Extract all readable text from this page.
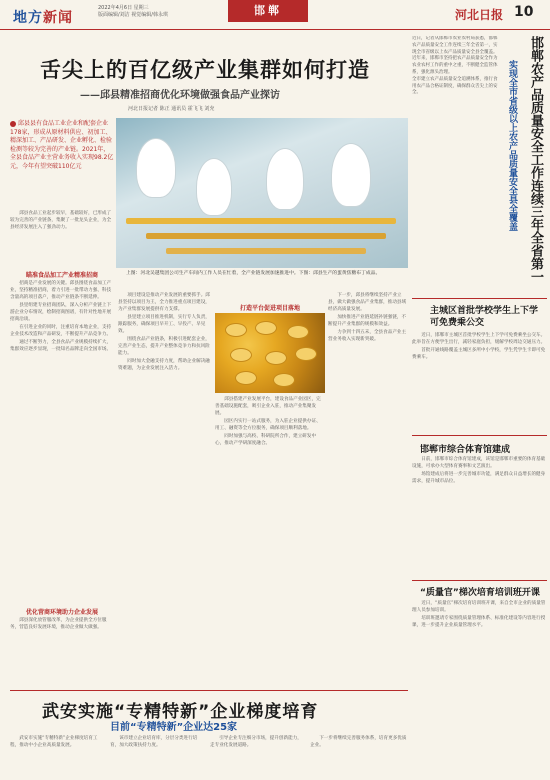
地方新闻
2022年4月6日 星期三
版面编辑/刘洁 视觉编辑/韩永琪	邯郸	河北日报 10
舌尖上的百亿级产业集群如何打造
——邱县精准招商优化环境做强食品产业探访
河北日报记者 陈正 通讯员 霍飞飞 刘充
邱县县有食品工业企业和配套企业178家，形成从原材料供应、初加工、精深加工、产品研发、企业孵化、检验检测等较为完善的产业链。2021年，全县食品产业主营业务收入实现98.2亿元，今年有望突破110亿元
上图：河北吴越集团公司生产车间内工作人员在忙着，全产业链发展加速推进中。下图：邱县生产的蛋黄焦糖布丁成品。

邱县食品工业起步较早，基础较好，已形成了较为完善的产业链条，集聚了一批龙头企业，为全县经济发展注入了强劲动力。

瞄准食品加工产业精准招商

招商是产业发展的关键。邱县围绕食品加工产业，坚持精准招商，着力引进一批带动力强、科技含量高的项目落户，推动产业链条不断延伸。

县里组建专业招商团队，深入分析产业链上下游企业分布情况，绘制招商图谱，有针对性地开展招商洽谈。

在引进企业的同时，注重培育本地企业，支持企业技术改造和产品研发，不断提升产品竞争力。

通过不断努力，全县食品产业规模持续扩大，集群效应逐步显现，一批知名品牌走向全国市场。

优化营商环境助力企业发展

邱县深化放管服改革，为企业提供全方位服务，营造良好发展环境，推动企业做大做强。

项目建设是推动产业发展的重要抓手。邱县坚持以项目为王，全力推进重点项目建设，为产业集群发展提供有力支撑。

县里建立项目推进机制，实行专人负责，跟踪服务，确保项目早开工、早投产、早见效。

围绕食品产业链条，积极引进配套企业，完善产业生态，提升产业整体竞争力和抗风险能力。

同时加大金融支持力度，帮助企业解决融资难题，为企业发展注入活力。

打造平台促进项目落地

邱县搭建产业发展平台，建设食品产业园区，完善基础设施配套，吸引企业入驻，推动产业集聚发展。

园区内实行一站式服务，为入驻企业提供办证、用工、融资等全方位服务，确保项目顺利落地。

同时加强与高校、科研院所合作，建立研发中心，推动产学研深度融合。

下一步，邱县将继续坚持产业立县，做大做强食品产业集群，推动县域经济高质量发展。

加快推进产业链延链补链强链，不断提升产业集群的规模和效益。

力争到十四五末，全县食品产业主营业务收入实现新突破。

邯郸农产品质量安全工作连续三年全省第一
实现全市省级以上农产品质量安全县全覆盖

近日，记者从邯郸市农业农村局获悉，邯郸农产品质量安全工作连续三年全省第一，实现全市省级以上农产品质量安全县全覆盖。

近年来，邯郸市坚持把农产品质量安全作为农业农村工作的重中之重，不断健全监管体系，强化源头治理。

全市建立农产品质量安全追溯体系，推行食用农产品合格证制度，确保群众舌尖上的安全。

主城区首批学校学生上下学可免费乘公交

近日，邯郸市主城区首批学校学生上下学可免费乘坐公交车。此举旨在方便学生出行，减轻家庭负担，缓解学校周边交通压力。

首批开通线路覆盖主城区多所中小学校，学生凭学生卡即可免费乘车。

邯郸市综合体育馆建成

日前，邯郸市综合体育馆建成，该馆是邯郸市重要的体育基础设施，可承办大型体育赛事和文艺演出。

场馆建成后将进一步完善城市功能，满足群众日益增长的健身需求，提升城市品位。

“质量官”梯次培育培训班开课

近日，“质量官”梯次培育培训班开课，来自全市企业的质量管理人员参加培训。

培训班邀请专家围绕质量管理体系、标准化建设等内容进行授课，进一步提升企业质量管理水平。

武安实施“专精特新”企业梯度培育
目前“专精特新”企业达25家

武安市实施“专精特新”企业梯度培育工程，推动中小企业高质量发展。

该市建立企业培育库，分层分类进行培育，加大政策扶持力度。

引导企业专注细分市场，提升创新能力，走专业化发展道路。

下一步将继续完善服务体系，培育更多优质企业。
